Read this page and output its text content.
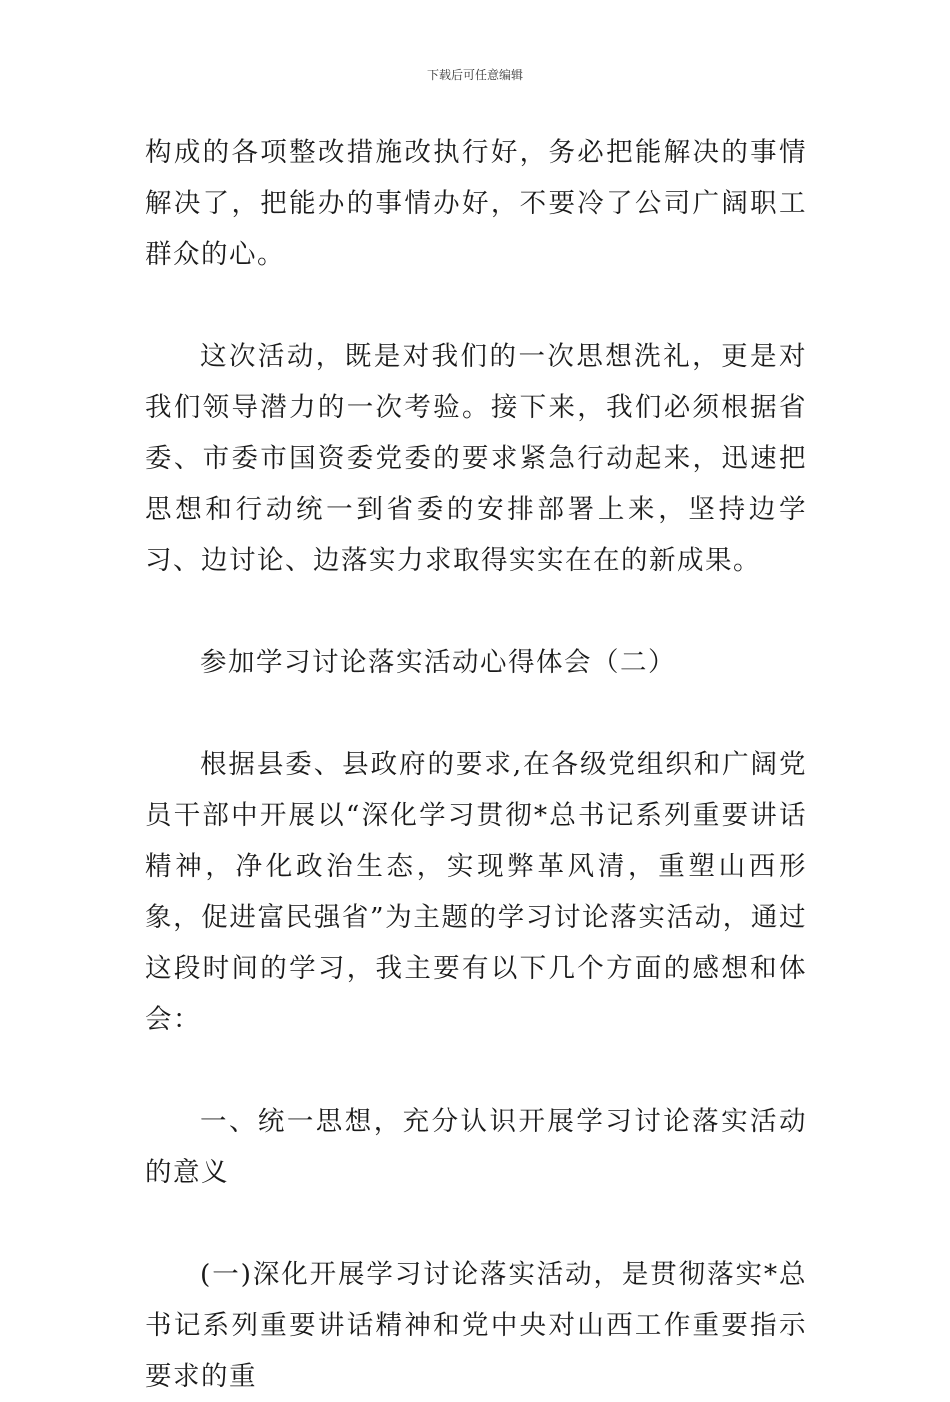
下载后可任意编辑

构成的各项整改措施改执行好，务必把能解决的事情解决了，把能办的事情办好，不要冷了公司广阔职工群众的心。

这次活动，既是对我们的一次思想洗礼，更是对我们领导潜力的一次考验。接下来，我们必须根据省委、市委市国资委党委的要求紧急行动起来，迅速把思想和行动统一到省委的安排部署上来，坚持边学习、边讨论、边落实力求取得实实在在的新成果。

参加学习讨论落实活动心得体会（二）

根据县委、县政府的要求,在各级党组织和广阔党员干部中开展以“深化学习贯彻*总书记系列重要讲话精神，净化政治生态，实现弊革风清，重塑山西形象，促进富民强省”为主题的学习讨论落实活动，通过这段时间的学习，我主要有以下几个方面的感想和体会：

一、统一思想，充分认识开展学习讨论落实活动的意义

(一)深化开展学习讨论落实活动，是贯彻落实*总书记系列重要讲话精神和党中央对山西工作重要指示要求的重
